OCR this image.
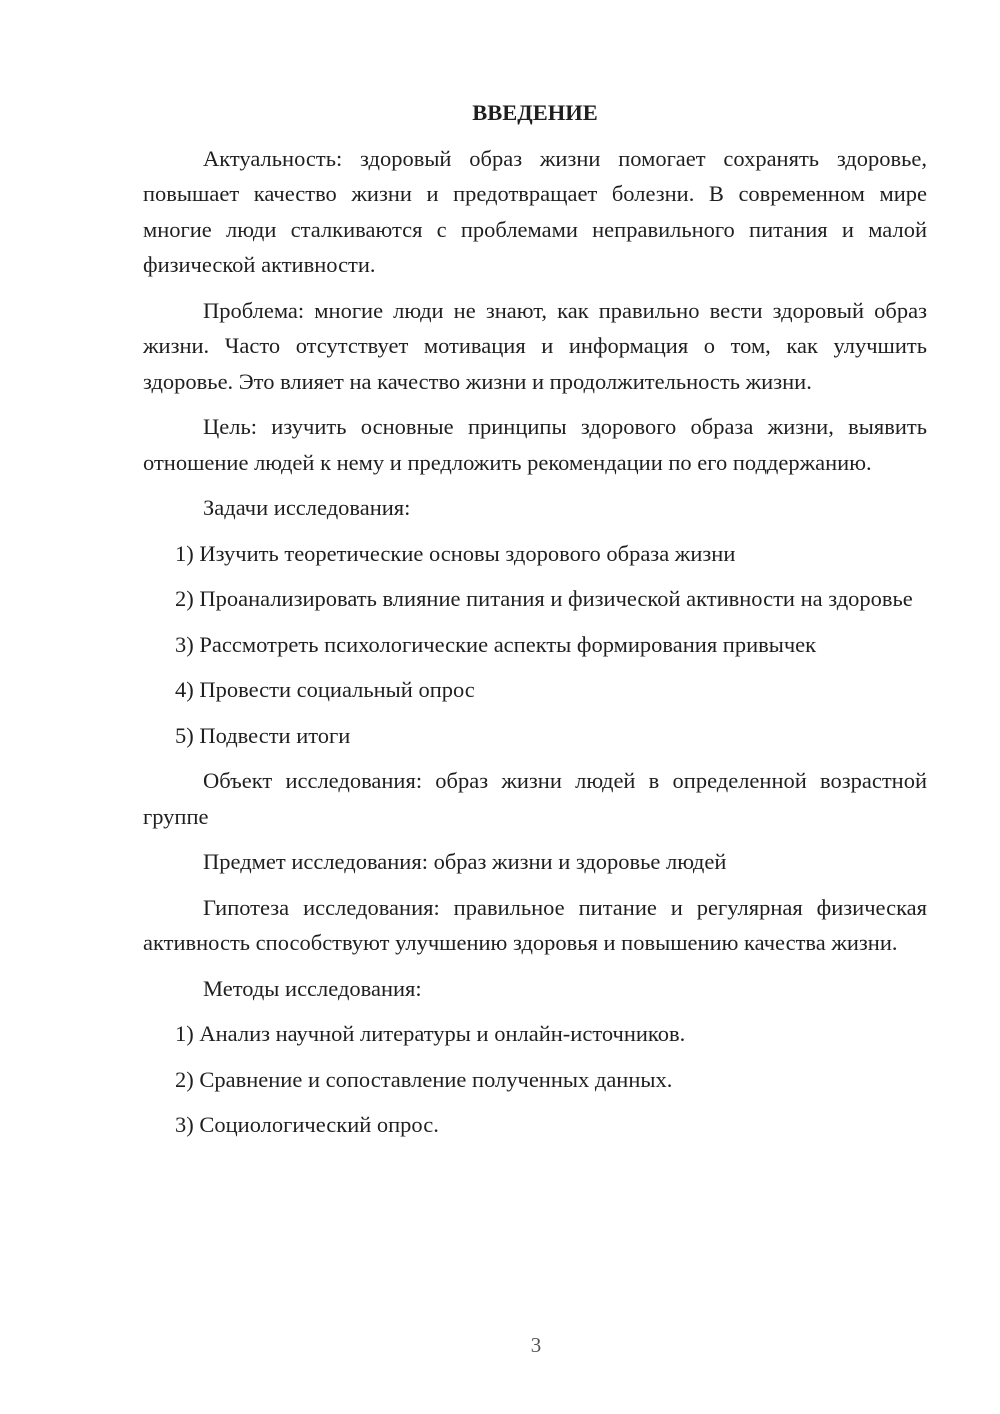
ВВЕДЕНИЕ

Актуальность: здоровый образ жизни помогает сохранять здоровье, повышает качество жизни и предотвращает болезни. В современном мире многие люди сталкиваются с проблемами неправильного питания и малой физической активности.

Проблема: многие люди не знают, как правильно вести здоровый образ жизни. Часто отсутствует мотивация и информация о том, как улучшить здоровье. Это влияет на качество жизни и продолжительность жизни.

Цель: изучить основные принципы здорового образа жизни, выявить отношение людей к нему и предложить рекомендации по его поддержанию.

Задачи исследования:

1) Изучить теоретические основы здорового образа жизни

2) Проанализировать влияние питания и физической активности на здоровье

3) Рассмотреть психологические аспекты формирования привычек

4) Провести социальный опрос

5) Подвести итоги

Объект исследования: образ жизни людей в определенной возрастной группе

Предмет исследования: образ жизни и здоровье людей

Гипотеза исследования: правильное питание и регулярная физическая активность способствуют улучшению здоровья и повышению качества жизни.

Методы исследования:

1) Анализ научной литературы и онлайн-источников.

2) Сравнение и сопоставление полученных данных.

3) Социологический опрос.

3
